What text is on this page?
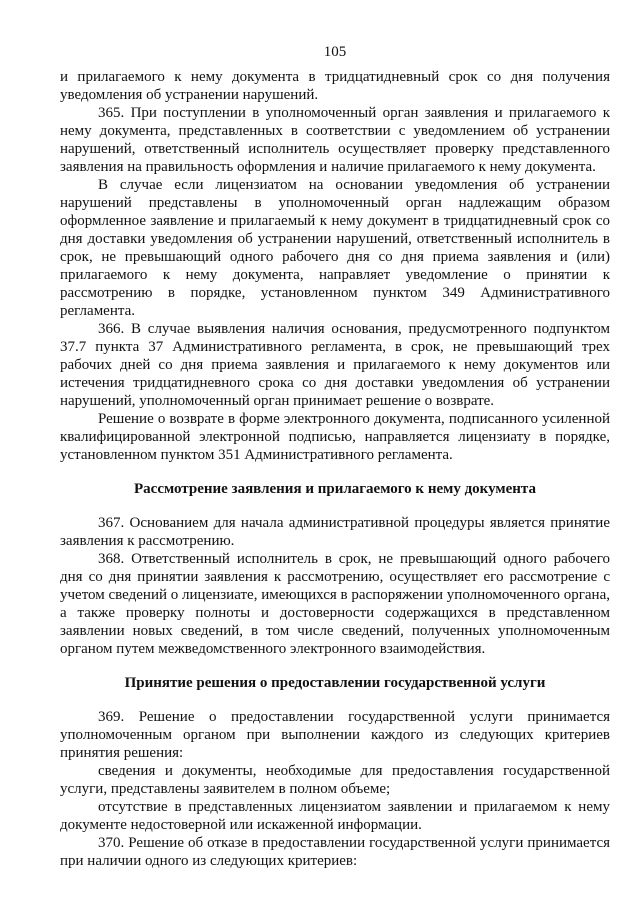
105

и прилагаемого к нему документа в тридцатидневный срок со дня получения уведомления об устранении нарушений.

365. При поступлении в уполномоченный орган заявления и прилагаемого к нему документа, представленных в соответствии с уведомлением об устранении нарушений, ответственный исполнитель осуществляет проверку представленного заявления на правильность оформления и наличие прилагаемого к нему документа.

В случае если лицензиатом на основании уведомления об устранении нарушений представлены в уполномоченный орган надлежащим образом оформленное заявление и прилагаемый к нему документ в тридцатидневный срок со дня доставки уведомления об устранении нарушений, ответственный исполнитель в срок, не превышающий одного рабочего дня со дня приема заявления и (или) прилагаемого к нему документа, направляет уведомление о принятии к рассмотрению в порядке, установленном пунктом 349 Административного регламента.

366. В случае выявления наличия основания, предусмотренного подпунктом 37.7 пункта 37 Административного регламента, в срок, не превышающий трех рабочих дней со дня приема заявления и прилагаемого к нему документов или истечения тридцатидневного срока со дня доставки уведомления об устранении нарушений, уполномоченный орган принимает решение о возврате.

Решение о возврате в форме электронного документа, подписанного усиленной квалифицированной электронной подписью, направляется лицензиату в порядке, установленном пунктом 351 Административного регламента.

Рассмотрение заявления и прилагаемого к нему документа

367. Основанием для начала административной процедуры является принятие заявления к рассмотрению.

368. Ответственный исполнитель в срок, не превышающий одного рабочего дня со дня принятии заявления к рассмотрению, осуществляет его рассмотрение с учетом сведений о лицензиате, имеющихся в распоряжении уполномоченного органа, а также проверку полноты и достоверности содержащихся в представленном заявлении новых сведений, в том числе сведений, полученных уполномоченным органом путем межведомственного электронного взаимодействия.

Принятие решения о предоставлении государственной услуги

369. Решение о предоставлении государственной услуги принимается уполномоченным органом при выполнении каждого из следующих критериев принятия решения:

сведения и документы, необходимые для предоставления государственной услуги, представлены заявителем в полном объеме;

отсутствие в представленных лицензиатом заявлении и прилагаемом к нему документе недостоверной или искаженной информации.

370. Решение об отказе в предоставлении государственной услуги принимается при наличии одного из следующих критериев:
